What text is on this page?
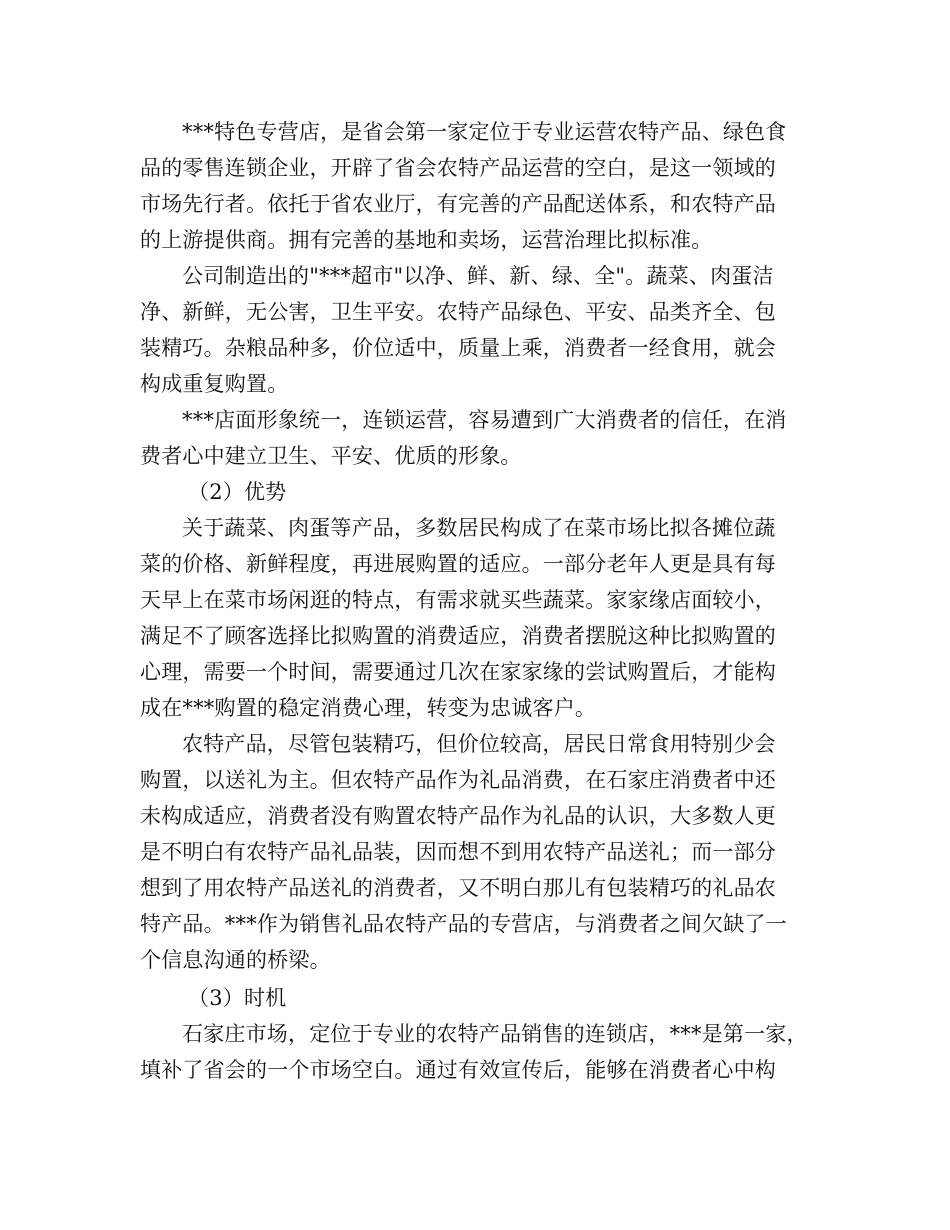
***特色专营店，是省会第一家定位于专业运营农特产品、绿色食
品的零售连锁企业，开辟了省会农特产品运营的空白，是这一领域的
市场先行者。依托于省农业厅，有完善的产品配送体系，和农特产品
的上游提供商。拥有完善的基地和卖场，运营治理比拟标准。
公司制造出的"***超市"以净、鲜、新、绿、全"。蔬菜、肉蛋洁
净、新鲜，无公害，卫生平安。农特产品绿色、平安、品类齐全、包
装精巧。杂粮品种多，价位适中，质量上乘，消费者一经食用，就会
构成重复购置。
***店面形象统一，连锁运营，容易遭到广大消费者的信任，在消
费者心中建立卫生、平安、优质的形象。
（2）优势
关于蔬菜、肉蛋等产品，多数居民构成了在菜市场比拟各摊位蔬
菜的价格、新鲜程度，再进展购置的适应。一部分老年人更是具有每
天早上在菜市场闲逛的特点，有需求就买些蔬菜。家家缘店面较小，
满足不了顾客选择比拟购置的消费适应，消费者摆脱这种比拟购置的
心理，需要一个时间，需要通过几次在家家缘的尝试购置后，才能构
成在***购置的稳定消费心理，转变为忠诚客户。
农特产品，尽管包装精巧，但价位较高，居民日常食用特别少会
购置，以送礼为主。但农特产品作为礼品消费，在石家庄消费者中还
未构成适应，消费者没有购置农特产品作为礼品的认识，大多数人更
是不明白有农特产品礼品装，因而想不到用农特产品送礼；而一部分
想到了用农特产品送礼的消费者，又不明白那儿有包装精巧的礼品农
特产品。***作为销售礼品农特产品的专营店，与消费者之间欠缺了一
个信息沟通的桥梁。
（3）时机
石家庄市场，定位于专业的农特产品销售的连锁店，***是第一家，
填补了省会的一个市场空白。通过有效宣传后，能够在消费者心中构
